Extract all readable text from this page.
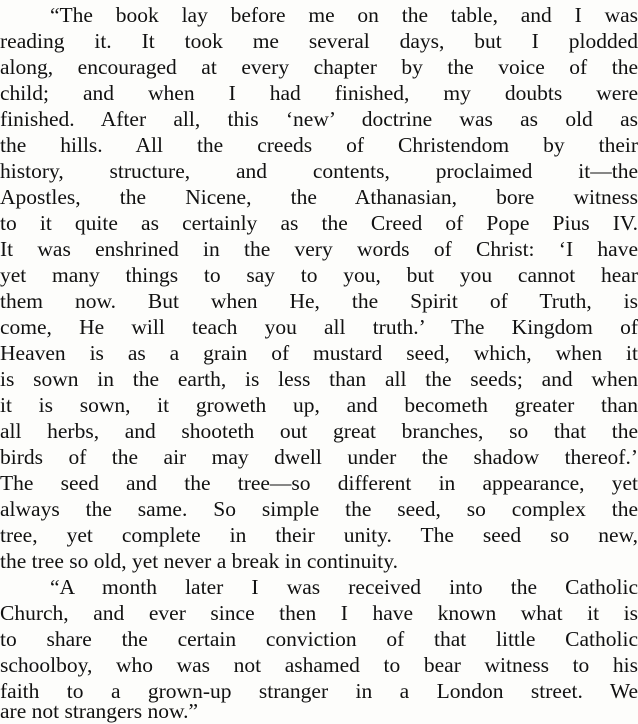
“The book lay before me on the table, and I was
reading it. It took me several days, but I plodded
along, encouraged at every chapter by the voice of the
child; and when I had finished, my doubts were
finished. After all, this ‘new’ doctrine was as old as
the hills. All the creeds of Christendom by their
history, structure, and contents, proclaimed it—the
Apostles, the Nicene, the Athanasian, bore witness
to it quite as certainly as the Creed of Pope Pius IV.
It was enshrined in the very words of Christ: ‘I have
yet many things to say to you, but you cannot hear
them now. But when He, the Spirit of Truth, is
come, He will teach you all truth.’ The Kingdom of
Heaven is as a grain of mustard seed, which, when it
is sown in the earth, is less than all the seeds; and when
it is sown, it groweth up, and becometh greater than
all herbs, and shooteth out great branches, so that the
birds of the air may dwell under the shadow thereof.’
The seed and the tree—so different in appearance, yet
always the same. So simple the seed, so complex the
tree, yet complete in their unity. The seed so new,
the tree so old, yet never a break in continuity.
“A month later I was received into the Catholic
Church, and ever since then I have known what it is
to share the certain conviction of that little Catholic
schoolboy, who was not ashamed to bear witness to his
faith to a grown-up stranger in a London street. We
are not strangers now.”
